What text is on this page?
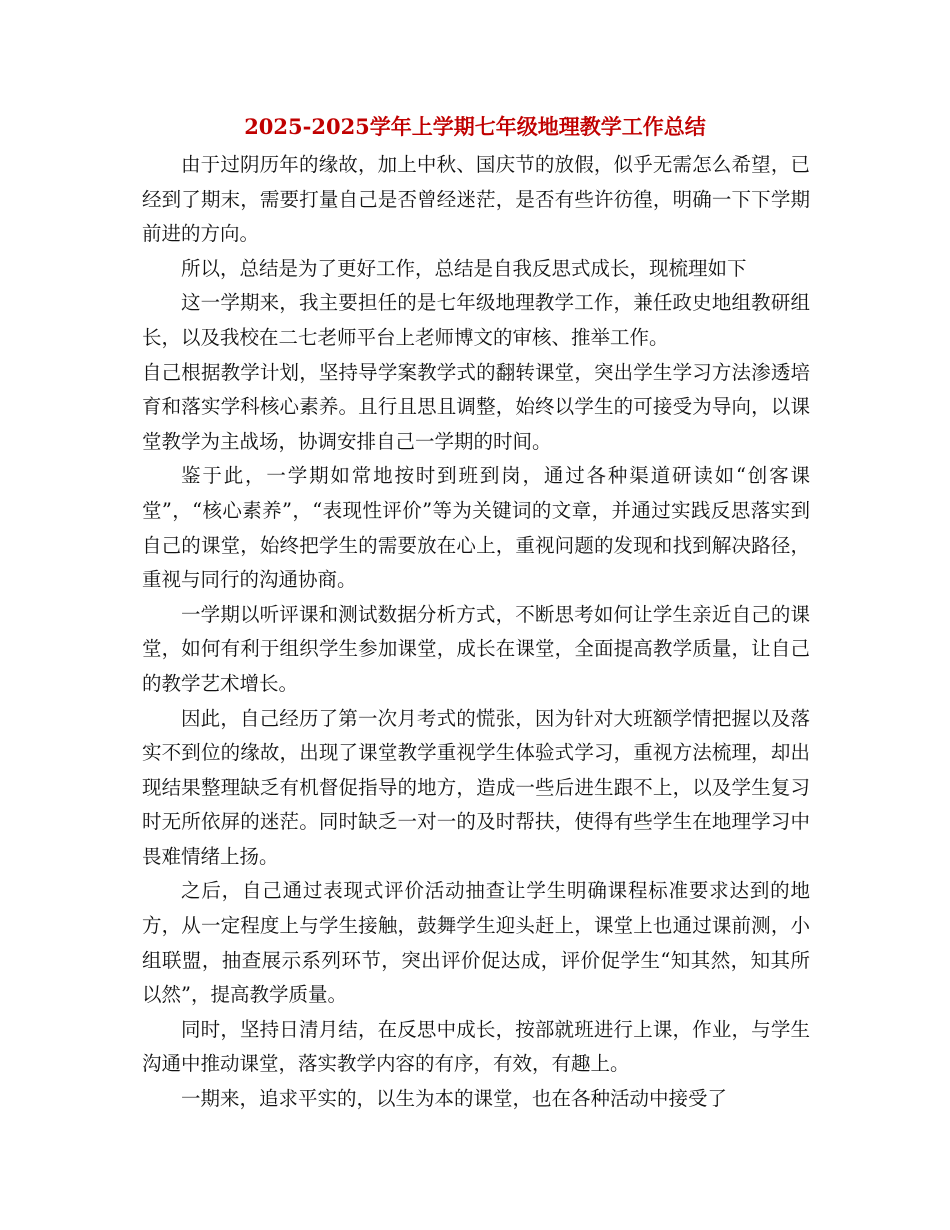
2025-2025学年上学期七年级地理教学工作总结

由于过阴历年的缘故，加上中秋、国庆节的放假，似乎无需怎么希望，已经到了期末，需要打量自己是否曾经迷茫，是否有些许彷徨，明确一下下学期前进的方向。

所以，总结是为了更好工作，总结是自我反思式成长，现梳理如下

这一学期来，我主要担任的是七年级地理教学工作，兼任政史地组教研组长，以及我校在二七老师平台上老师博文的审核、推举工作。

自己根据教学计划，坚持导学案教学式的翻转课堂，突出学生学习方法渗透培育和落实学科核心素养。且行且思且调整，始终以学生的可接受为导向，以课堂教学为主战场，协调安排自己一学期的时间。

鉴于此，一学期如常地按时到班到岗，通过各种渠道研读如“创客课堂”，“核心素养”，“表现性评价”等为关键词的文章，并通过实践反思落实到自己的课堂，始终把学生的需要放在心上，重视问题的发现和找到解决路径，重视与同行的沟通协商。

一学期以听评课和测试数据分析方式，不断思考如何让学生亲近自己的课堂，如何有利于组织学生参加课堂，成长在课堂，全面提高教学质量，让自己的教学艺术增长。

因此，自己经历了第一次月考式的慌张，因为针对大班额学情把握以及落实不到位的缘故，出现了课堂教学重视学生体验式学习，重视方法梳理，却出现结果整理缺乏有机督促指导的地方，造成一些后进生跟不上，以及学生复习时无所依屏的迷茫。同时缺乏一对一的及时帮扶，使得有些学生在地理学习中畏难情绪上扬。

之后，自己通过表现式评价活动抽查让学生明确课程标准要求达到的地方，从一定程度上与学生接触，鼓舞学生迎头赶上，课堂上也通过课前测，小组联盟，抽查展示系列环节，突出评价促达成，评价促学生“知其然，知其所以然”，提高教学质量。

同时，坚持日清月结，在反思中成长，按部就班进行上课，作业，与学生沟通中推动课堂，落实教学内容的有序，有效，有趣上。

一期来，追求平实的，以生为本的课堂，也在各种活动中接受了
